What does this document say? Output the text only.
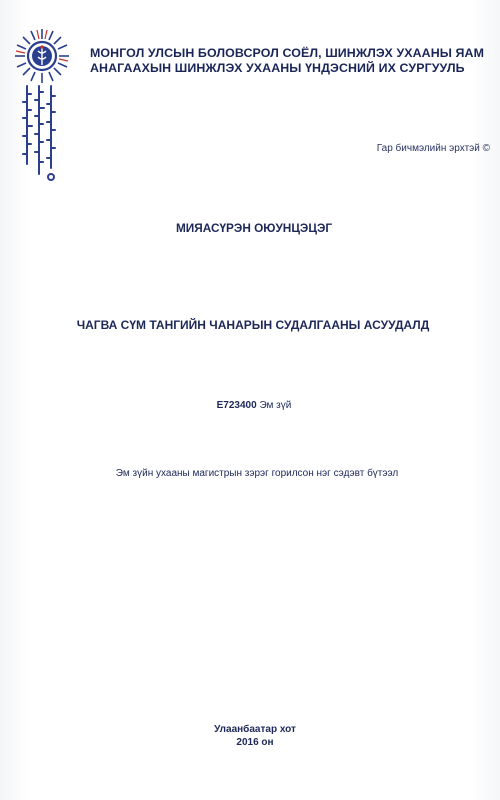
МОНГОЛ УЛСЫН БОЛОВСРОЛ СОЁЛ, ШИНЖЛЭХ УХААНЫ ЯАМ
АНАГААХЫН ШИНЖЛЭХ УХААНЫ ҮНДЭСНИЙ ИХ СУРГУУЛЬ
Гар бичмэлийн эрхтэй ©
МИЯАСҮРЭН ОЮУНЦЭЦЭГ
ЧАГВА СҮМ ТАНГИЙН ЧАНАРЫН СУДАЛГААНЫ АСУУДАЛД
E723400 Эм зүй
Эм зүйн ухааны магистрын зэрэг горилсон нэг сэдэвт бүтээл
Улаанбаатар хот
2016 он
